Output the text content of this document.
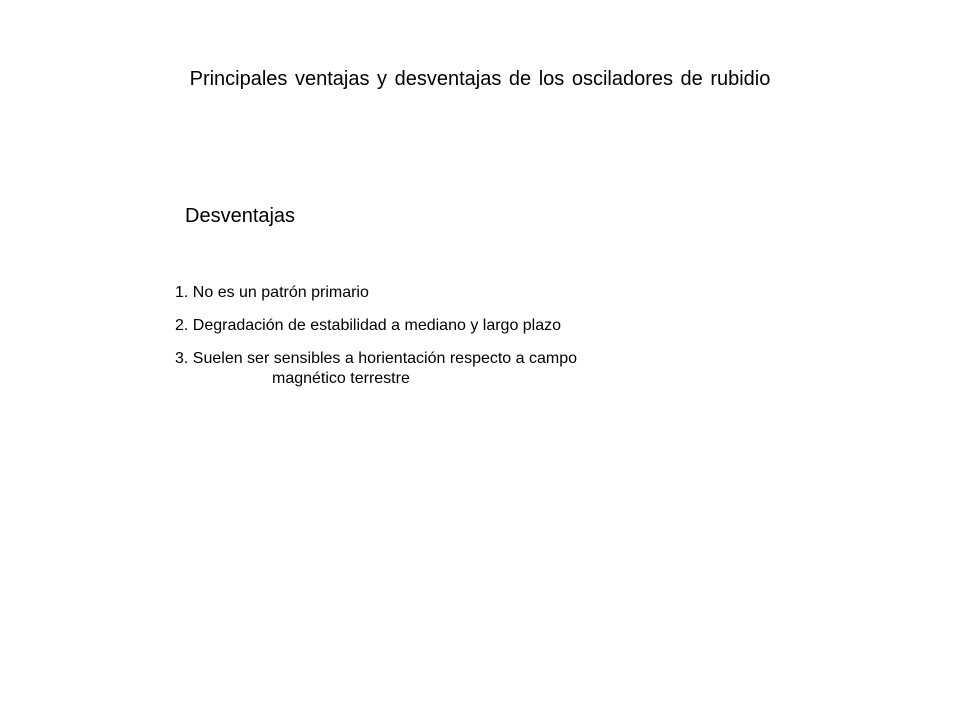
Principales ventajas y desventajas de los osciladores de rubidio
Desventajas
1. No es un patrón primario
2. Degradación de estabilidad a mediano y largo plazo
3. Suelen ser sensibles a horientación respecto a campo
magnético terrestre
